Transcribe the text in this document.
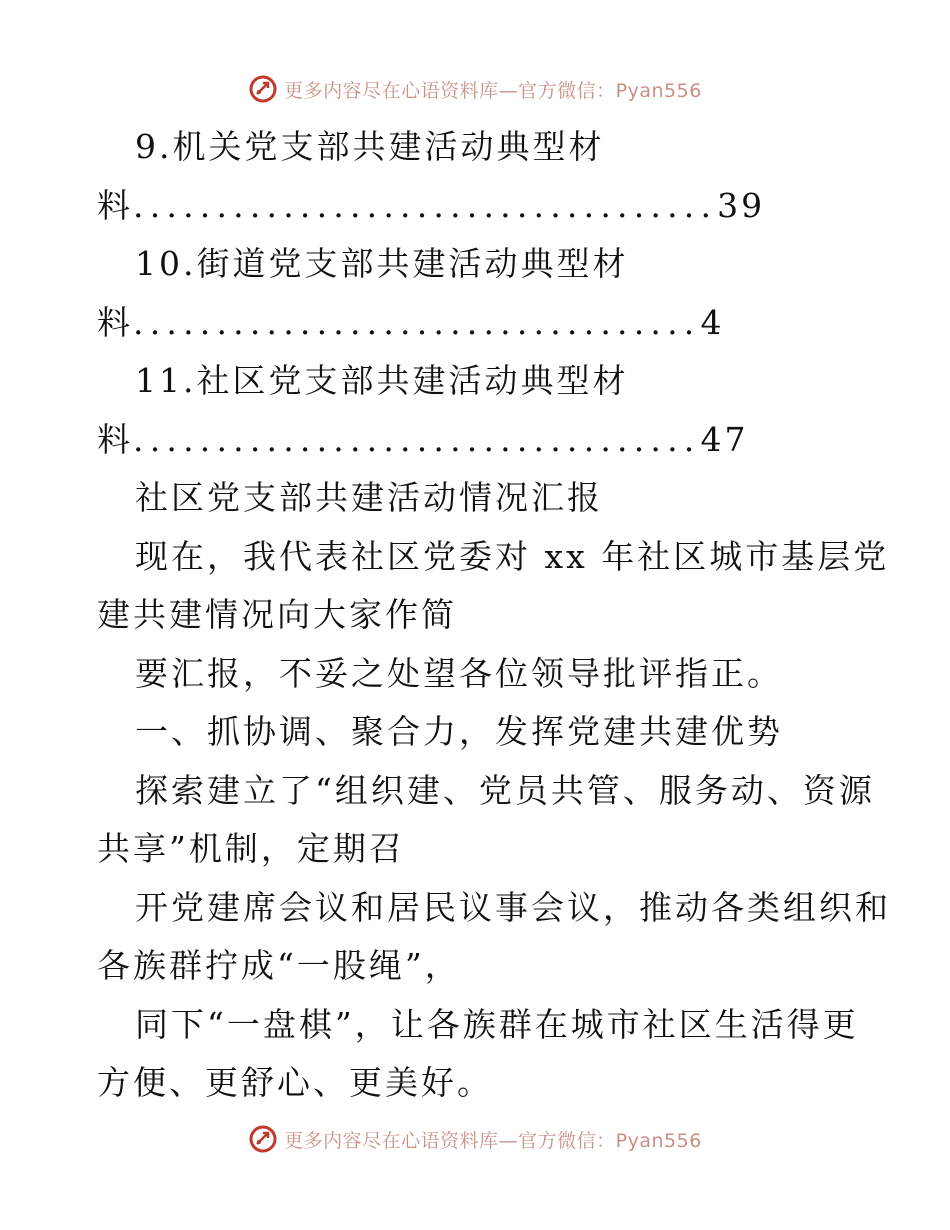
更多内容尽在心语资料库—官方微信：Pyan556
9.机关党支部共建活动典型材
料 ................................... 39
10.街道党支部共建活动典型材
料 .................................. 4
11.社区党支部共建活动典型材
料 .................................. 47
社区党支部共建活动情况汇报
现在，我代表社区党委对 xx 年社区城市基层党
建共建情况向大家作简
要汇报，不妥之处望各位领导批评指正。
一、抓协调、聚合力，发挥党建共建优势
探索建立了“组织建、党员共管、服务动、资源
共享”机制，定期召
开党建席会议和居民议事会议，推动各类组织和
各族群拧成“一股绳”，
同下“一盘棋”，让各族群在城市社区生活得更
方便、更舒心、更美好。
更多内容尽在心语资料库—官方微信：Pyan556
